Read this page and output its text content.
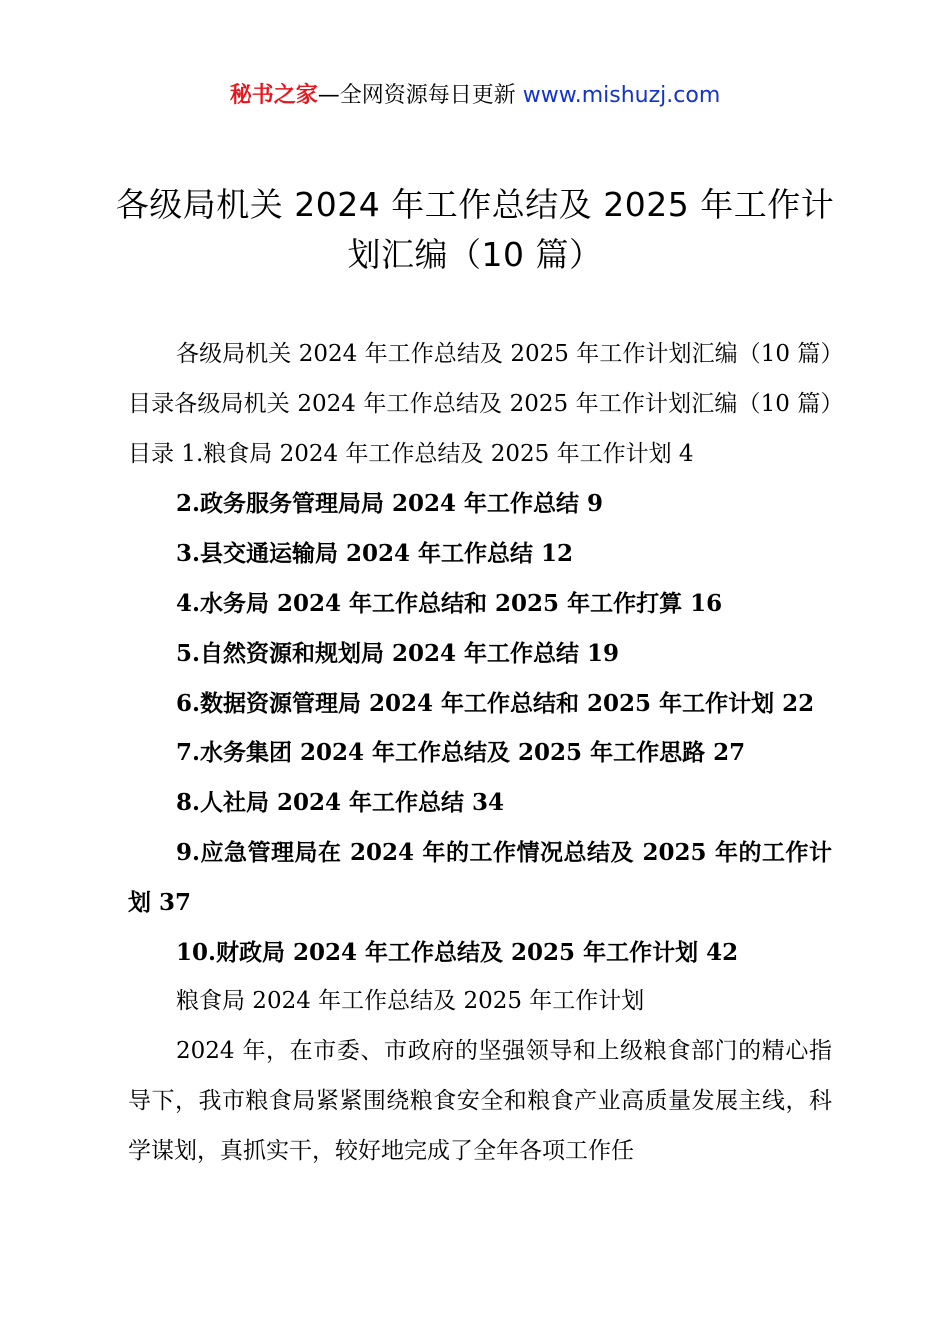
秘书之家—全网资源每日更新 www.mishuzj.com
各级局机关 2024 年工作总结及 2025 年工作计划汇编（10 篇）

各级局机关 2024 年工作总结及 2025 年工作计划汇编（10 篇）目录各级局机关 2024 年工作总结及 2025 年工作计划汇编（10 篇）目录 1.粮食局 2024 年工作总结及 2025 年工作计划 4

2.政务服务管理局局 2024 年工作总结 9

3.县交通运输局 2024 年工作总结 12

4.水务局 2024 年工作总结和 2025 年工作打算 16

5.自然资源和规划局 2024 年工作总结 19

6.数据资源管理局 2024 年工作总结和 2025 年工作计划 22

7.水务集团 2024 年工作总结及 2025 年工作思路 27

8.人社局 2024 年工作总结 34

9.应急管理局在 2024 年的工作情况总结及 2025 年的工作计划 37

10.财政局 2024 年工作总结及 2025 年工作计划 42

粮食局 2024 年工作总结及 2025 年工作计划

2024 年，在市委、市政府的坚强领导和上级粮食部门的精心指导下，我市粮食局紧紧围绕粮食安全和粮食产业高质量发展主线，科学谋划，真抓实干，较好地完成了全年各项工作任
